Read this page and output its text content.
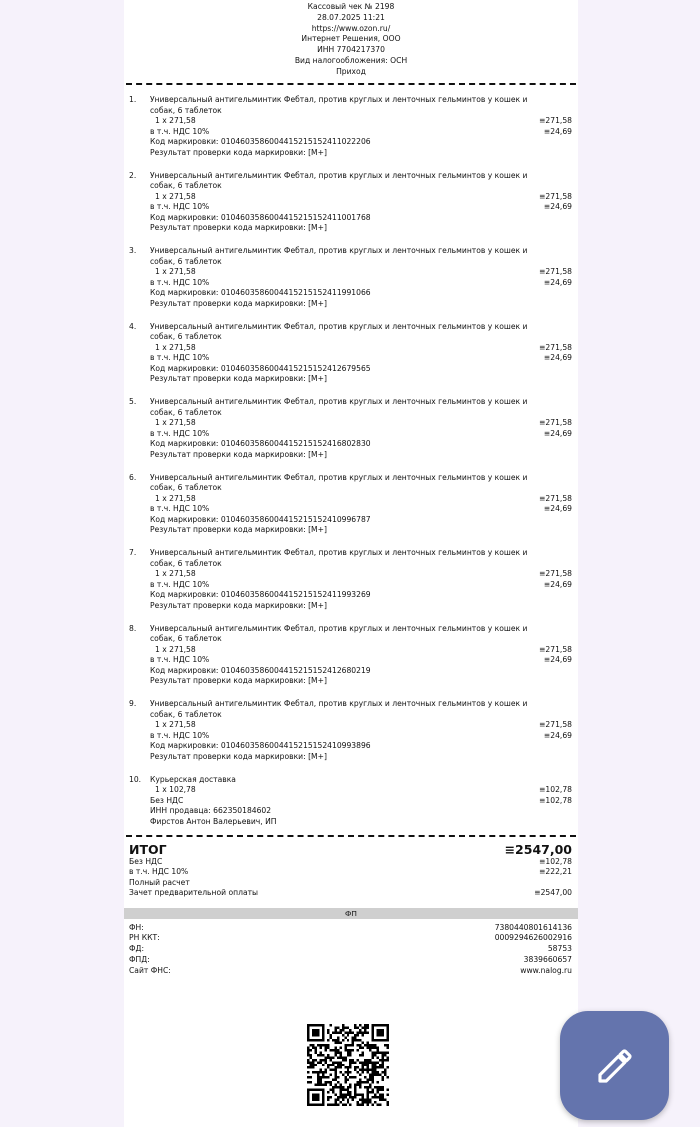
Кассовый чек № 2198
28.07.2025 11:21
https://www.ozon.ru/
Интернет Решения, ООО
ИНН 7704217370
Вид налогообложения: ОСН
Приход
1. Универсальный антигельминтик Фебтал, против круглых и ленточных гельминтов у кошек и собак, 6 таблеток
1 x 271,58	≡271,58
в т.ч. НДС 10%	≡24,69
Код маркировки: 010460358600441521515241102220​6
Результат проверки кода маркировки: [М+]
2. Универсальный антигельминтик Фебтал, против круглых и ленточных гельминтов у кошек и собак, 6 таблеток
1 x 271,58	≡271,58
в т.ч. НДС 10%	≡24,69
Код маркировки: 0104603586004415215152411001768
Результат проверки кода маркировки: [М+]
3. Универсальный антигельминтик Фебтал, против круглых и ленточных гельминтов у кошек и собак, 6 таблеток
1 x 271,58	≡271,58
в т.ч. НДС 10%	≡24,69
Код маркировки: 0104603586004415215152411991066
Результат проверки кода маркировки: [М+]
4. Универсальный антигельминтик Фебтал, против круглых и ленточных гельминтов у кошек и собак, 6 таблеток
1 x 271,58	≡271,58
в т.ч. НДС 10%	≡24,69
Код маркировки: 0104603586004415215152412679565
Результат проверки кода маркировки: [М+]
5. Универсальный антигельминтик Фебтал, против круглых и ленточных гельминтов у кошек и собак, 6 таблеток
1 x 271,58	≡271,58
в т.ч. НДС 10%	≡24,69
Код маркировки: 0104603586004415215152416802830
Результат проверки кода маркировки: [М+]
6. Универсальный антигельминтик Фебтал, против круглых и ленточных гельминтов у кошек и собак, 6 таблеток
1 x 271,58	≡271,58
в т.ч. НДС 10%	≡24,69
Код маркировки: 0104603586004415215152410996787
Результат проверки кода маркировки: [М+]
7. Универсальный антигельминтик Фебтал, против круглых и ленточных гельминтов у кошек и собак, 6 таблеток
1 x 271,58	≡271,58
в т.ч. НДС 10%	≡24,69
Код маркировки: 0104603586004415215152411993269
Результат проверки кода маркировки: [М+]
8. Универсальный антигельминтик Фебтал, против круглых и ленточных гельминтов у кошек и собак, 6 таблеток
1 x 271,58	≡271,58
в т.ч. НДС 10%	≡24,69
Код маркировки: 0104603586004415215152412680219
Результат проверки кода маркировки: [М+]
9. Универсальный антигельминтик Фебтал, против круглых и ленточных гельминтов у кошек и собак, 6 таблеток
1 x 271,58	≡271,58
в т.ч. НДС 10%	≡24,69
Код маркировки: 0104603586004415215152410993896
Результат проверки кода маркировки: [М+]
10. Курьерская доставка
1 x 102,78	≡102,78
Без НДС	≡102,78
ИНН продавца: 662350184602
Фирстов Антон Валерьевич, ИП
ИТОГ	≡2547,00
Без НДС	≡102,78
в т.ч. НДС 10%	≡222,21
Полный расчет
Зачет предварительной оплаты	≡2547,00
ФП
ФН:	7380440801614136
РН ККТ:	0009294626002916
ФД:	58753
ФПД:	3839660657
Сайт ФНС:	www.nalog.ru
